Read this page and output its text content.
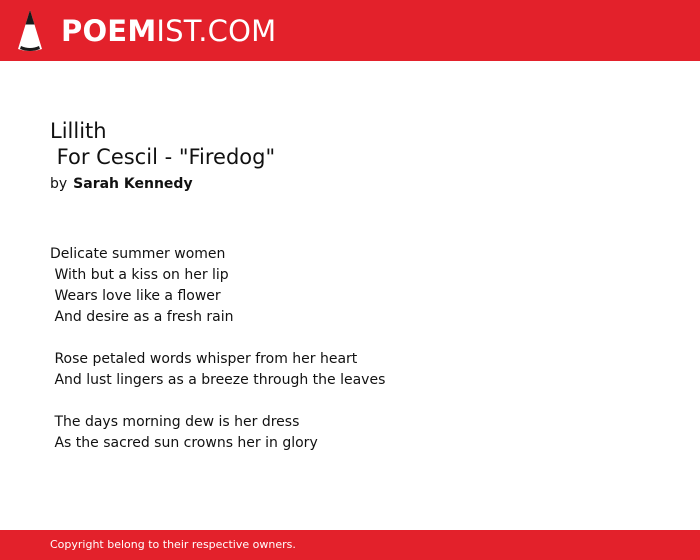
POEMIST.COM
Lillith
For Cescil - "Firedog"
by Sarah Kennedy
Delicate summer women
With but a kiss on her lip
Wears love like a flower
And desire as a fresh rain
Rose petaled words whisper from her heart
And lust lingers as a breeze through the leaves
The days morning dew is her dress
As the sacred sun crowns her in glory
Copyright belong to their respective owners.
